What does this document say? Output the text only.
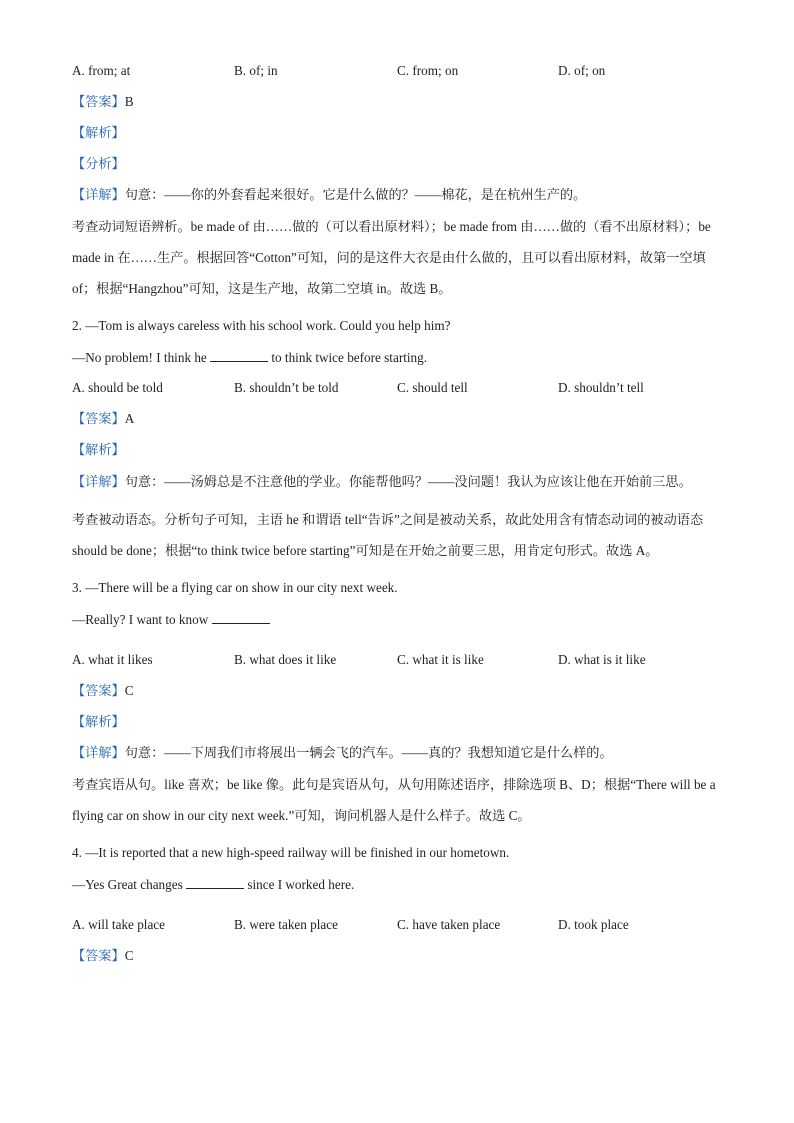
A. from; at	B. of; in	C. from; on	D. of; on
【答案】B
【解析】
【分析】
【详解】句意：——你的外套看起来很好。它是什么做的？——棉花，是在杭州生产的。
考查动词短语辨析。be made of 由……做的（可以看出原材料）；be made from 由……做的（看不出原材料）；be made in 在……生产。根据回答“Cotton”可知，问的是这件大衣是由什么做的，且可以看出原材料，故第一空填 of；根据“Hangzhou”可知，这是生产地，故第二空填 in。故选 B。
2. —Tom is always careless with his school work. Could you help him?
—No problem! I think he	to think twice before starting.
A. should be told	B. shouldn’t be told	C. should tell	D. shouldn’t tell
【答案】A
【解析】
【详解】句意：——汤姆总是不注意他的学业。你能帮他吗？——没问题！我认为应该让他在开始前三思。
考查被动语态。分析句子可知，主语 he 和谓语 tell“告诉”之间是被动关系，故此处用含有情态动词的被动语态 should be done；根据“to think twice before starting”可知是在开始之前要三思，用肯定句形式。故选 A。
3. —There will be a flying car on show in our city next week.
—Really? I want to know
A. what it likes	B. what does it like	C. what it is like	D. what is it like
【答案】C
【解析】
【详解】句意：——下周我们市将展出一辆会飞的汽车。——真的？我想知道它是什么样的。
考查宾语从句。like 喜欢；be like 像。此句是宾语从句，从句用陈述语序，排除选项 B、D；根据“There will be a flying car on show in our city next week.”可知，询问机器人是什么样子。故选 C。
4. —It is reported that a new high-speed railway will be finished in our hometown.
—Yes Great changes	since I worked here.
A. will take place	B. were taken place	C. have taken place	D. took place
【答案】C
